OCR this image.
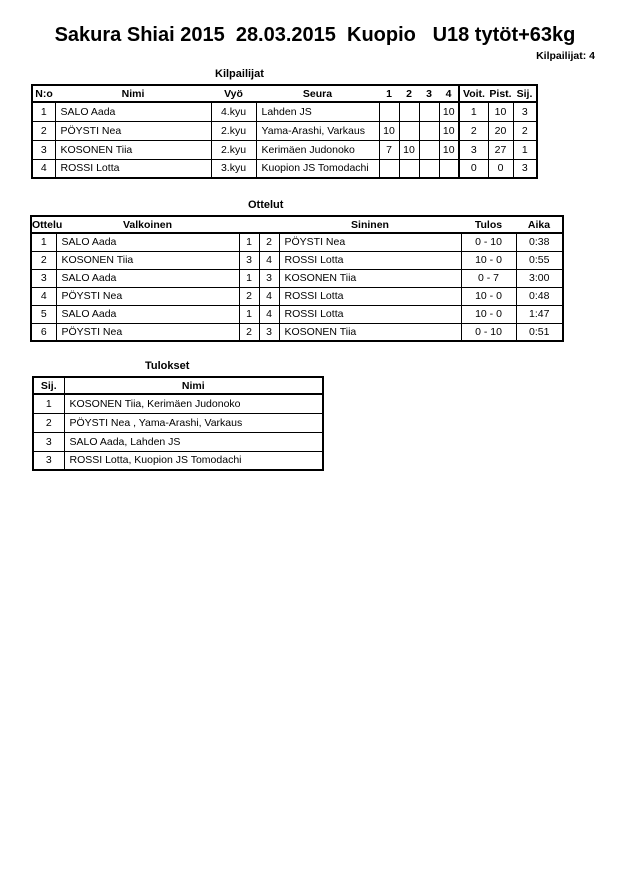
Sakura Shiai 2015  28.03.2015  Kuopio   U18 tytöt+63kg
Kilpailijat: 4
Kilpailijat
N:o	Nimi	Vyö	Seura	1	2	3	4	Voit.	Pist.	Sij.
1	SALO Aada	4.kyu	Lahden JS				10	1	10	3
2	PÖYSTI Nea	2.kyu	Yama-Arashi, Varkaus	10			10	2	20	2
3	KOSONEN Tiia	2.kyu	Kerimäen Judonoko	7	10		10	3	27	1
4	ROSSI Lotta	3.kyu	Kuopion JS Tomodachi					0	0	3
Ottelut
Ottelu	Valkoinen			Sininen	Tulos	Aika
1	SALO Aada	1	2	PÖYSTI Nea	0 - 10	0:38
2	KOSONEN Tiia	3	4	ROSSI Lotta	10 - 0	0:55
3	SALO Aada	1	3	KOSONEN Tiia	0 - 7	3:00
4	PÖYSTI Nea	2	4	ROSSI Lotta	10 - 0	0:48
5	SALO Aada	1	4	ROSSI Lotta	10 - 0	1:47
6	PÖYSTI Nea	2	3	KOSONEN Tiia	0 - 10	0:51
Tulokset
Sij.	Nimi
1	KOSONEN Tiia, Kerimäen Judonoko
2	PÖYSTI Nea , Yama-Arashi, Varkaus
3	SALO Aada, Lahden JS
3	ROSSI Lotta, Kuopion JS Tomodachi
